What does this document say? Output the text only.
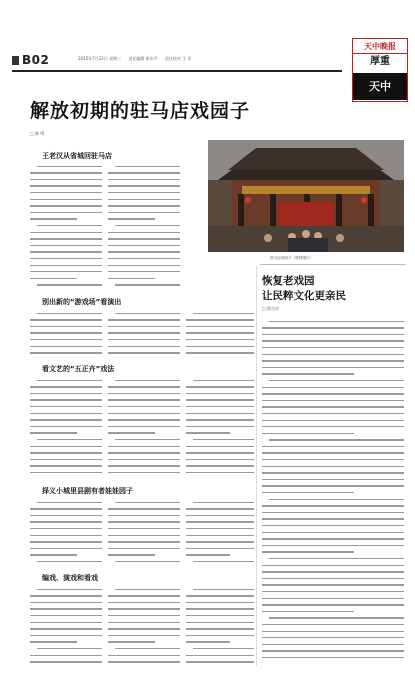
B02	2015年7月22日 星期三 责任编辑 崔庆平 责任校对 王 亚
天中晚报
厚重
天中
解放初期的驻马店戏园子
□ 陈 鸣
王老汉从省城回驻马店
别出新的“游戏场”看演出
看文艺的“五正卉”戏法
择义小城里县剧有者娃娃园子
编戏、演戏和看戏
驻马店戏园子（资料图片）
恢复老戏园
让民粹文化更亲民
□ 薛吉庆
